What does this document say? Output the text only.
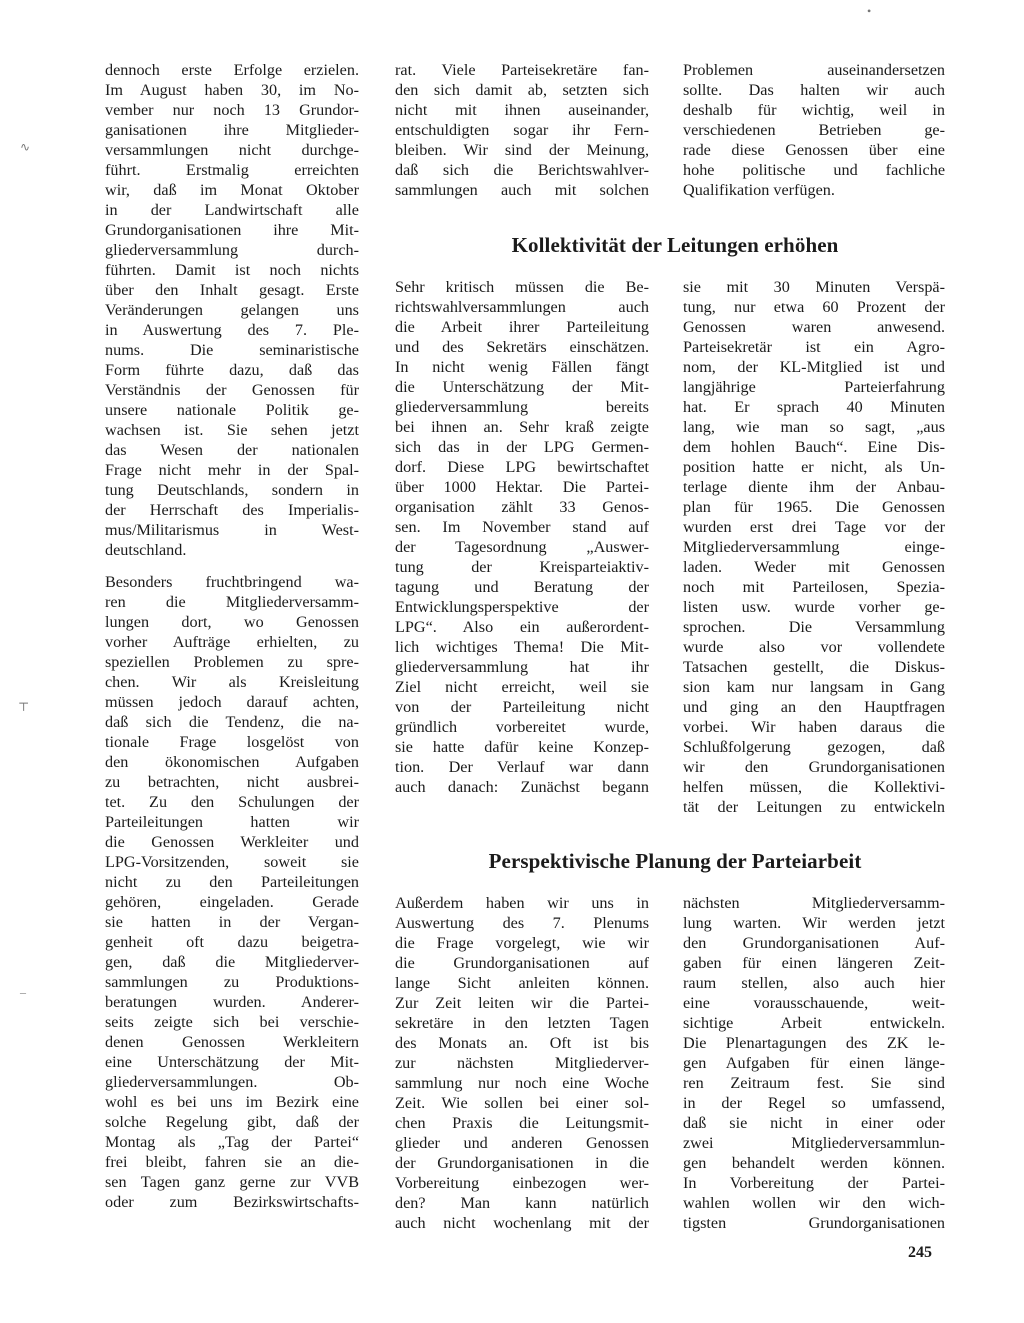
dennoch erste Erfolge erzielen.
Im August haben 30, im No-
vember nur noch 13 Grundor-
ganisationen ihre Mitglieder-
versammlungen nicht durchge-
führt. Erstmalig erreichten
wir, daß im Monat Oktober
in der Landwirtschaft alle
Grundorganisationen ihre Mit-
gliederversammlung durch-
führten. Damit ist noch nichts
über den Inhalt gesagt. Erste
Veränderungen gelangen uns
in Auswertung des 7. Ple-
nums. Die seminaristische
Form führte dazu, daß das
Verständnis der Genossen für
unsere nationale Politik ge-
wachsen ist. Sie sehen jetzt
das Wesen der nationalen
Frage nicht mehr in der Spal-
tung Deutschlands, sondern in
der Herrschaft des Imperialis-
mus/Militarismus in West-
deutschland.

Besonders fruchtbringend wa-
ren die Mitgliederversamm-
lungen dort, wo Genossen
vorher Aufträge erhielten, zu
speziellen Problemen zu spre-
chen. Wir als Kreisleitung
müssen jedoch darauf achten,
daß sich die Tendenz, die na-
tionale Frage losgelöst von
den ökonomischen Aufgaben
zu betrachten, nicht ausbrei-
tet. Zu den Schulungen der
Parteileitungen hatten wir
die Genossen Werkleiter und
LPG-Vorsitzenden, soweit sie
nicht zu den Parteileitungen
gehören, eingeladen. Gerade
sie hatten in der Vergan-
genheit oft dazu beigetra-
gen, daß die Mitgliederver-
sammlungen zu Produktions-
beratungen wurden. Anderer-
seits zeigte sich bei verschie-
denen Genossen Werkleitern
eine Unterschätzung der Mit-
gliederversammlungen. Ob-
wohl es bei uns im Bezirk eine
solche Regelung gibt, daß der
Montag als „Tag der Partei“
frei bleibt, fahren sie an die-
sen Tagen ganz gerne zur VVB
oder zum Bezirkswirtschafts-

rat. Viele Parteisekretäre fan-
den sich damit ab, setzten sich
nicht mit ihnen auseinander,
entschuldigten sogar ihr Fern-
bleiben. Wir sind der Meinung,
daß sich die Berichtswahlver-
sammlungen auch mit solchen

Problemen auseinandersetzen
sollte. Das halten wir auch
deshalb für wichtig, weil in
verschiedenen Betrieben ge-
rade diese Genossen über eine
hohe politische und fachliche
Qualifikation verfügen.

Kollektivität der Leitungen erhöhen

Sehr kritisch müssen die Be-
richtswahlversammlungen auch
die Arbeit ihrer Parteileitung
und des Sekretärs einschätzen.
In nicht wenig Fällen fängt
die Unterschätzung der Mit-
gliederversammlung bereits
bei ihnen an. Sehr kraß zeigte
sich das in der LPG Germen-
dorf. Diese LPG bewirtschaftet
über 1000 Hektar. Die Partei-
organisation zählt 33 Genos-
sen. Im November stand auf
der Tagesordnung „Auswer-
tung der Kreisparteiaktiv-
tagung und Beratung der
Entwicklungsperspektive der
LPG“. Also ein außerordent-
lich wichtiges Thema! Die Mit-
gliederversammlung hat ihr
Ziel nicht erreicht, weil sie
von der Parteileitung nicht
gründlich vorbereitet wurde,
sie hatte dafür keine Konzep-
tion. Der Verlauf war dann
auch danach: Zunächst begann

sie mit 30 Minuten Verspä-
tung, nur etwa 60 Prozent der
Genossen waren anwesend.
Parteisekretär ist ein Agro-
nom, der KL-Mitglied ist und
langjährige Parteierfahrung
hat. Er sprach 40 Minuten
lang, wie man so sagt, „aus
dem hohlen Bauch“. Eine Dis-
position hatte er nicht, als Un-
terlage diente ihm der Anbau-
plan für 1965. Die Genossen
wurden erst drei Tage vor der
Mitgliederversammlung einge-
laden. Weder mit Genossen
noch mit Parteilosen, Spezia-
listen usw. wurde vorher ge-
sprochen. Die Versammlung
wurde also vor vollendete
Tatsachen gestellt, die Diskus-
sion kam nur langsam in Gang
und ging an den Hauptfragen
vorbei. Wir haben daraus die
Schlußfolgerung gezogen, daß
wir den Grundorganisationen
helfen müssen, die Kollektivi-
tät der Leitungen zu entwickeln

Perspektivische Planung der Parteiarbeit

Außerdem haben wir uns in
Auswertung des 7. Plenums
die Frage vorgelegt, wie wir
die Grundorganisationen auf
lange Sicht anleiten können.
Zur Zeit leiten wir die Partei-
sekretäre in den letzten Tagen
des Monats an. Oft ist bis
zur nächsten Mitgliederver-
sammlung nur noch eine Woche
Zeit. Wie sollen bei einer sol-
chen Praxis die Leitungsmit-
glieder und anderen Genossen
der Grundorganisationen in die
Vorbereitung einbezogen wer-
den? Man kann natürlich
auch nicht wochenlang mit der

nächsten Mitgliederversamm-
lung warten. Wir werden jetzt
den Grundorganisationen Auf-
gaben für einen längeren Zeit-
raum stellen, also auch hier
eine vorausschauende, weit-
sichtige Arbeit entwickeln.
Die Plenartagungen des ZK le-
gen Aufgaben für einen länge-
ren Zeitraum fest. Sie sind
in der Regel so umfassend,
daß sie nicht in einer oder
zwei Mitgliederversammlun-
gen behandelt werden können.
In Vorbereitung der Partei-
wahlen wollen wir den wich-
tigsten Grundorganisationen

245
∿
⊤
–
•
